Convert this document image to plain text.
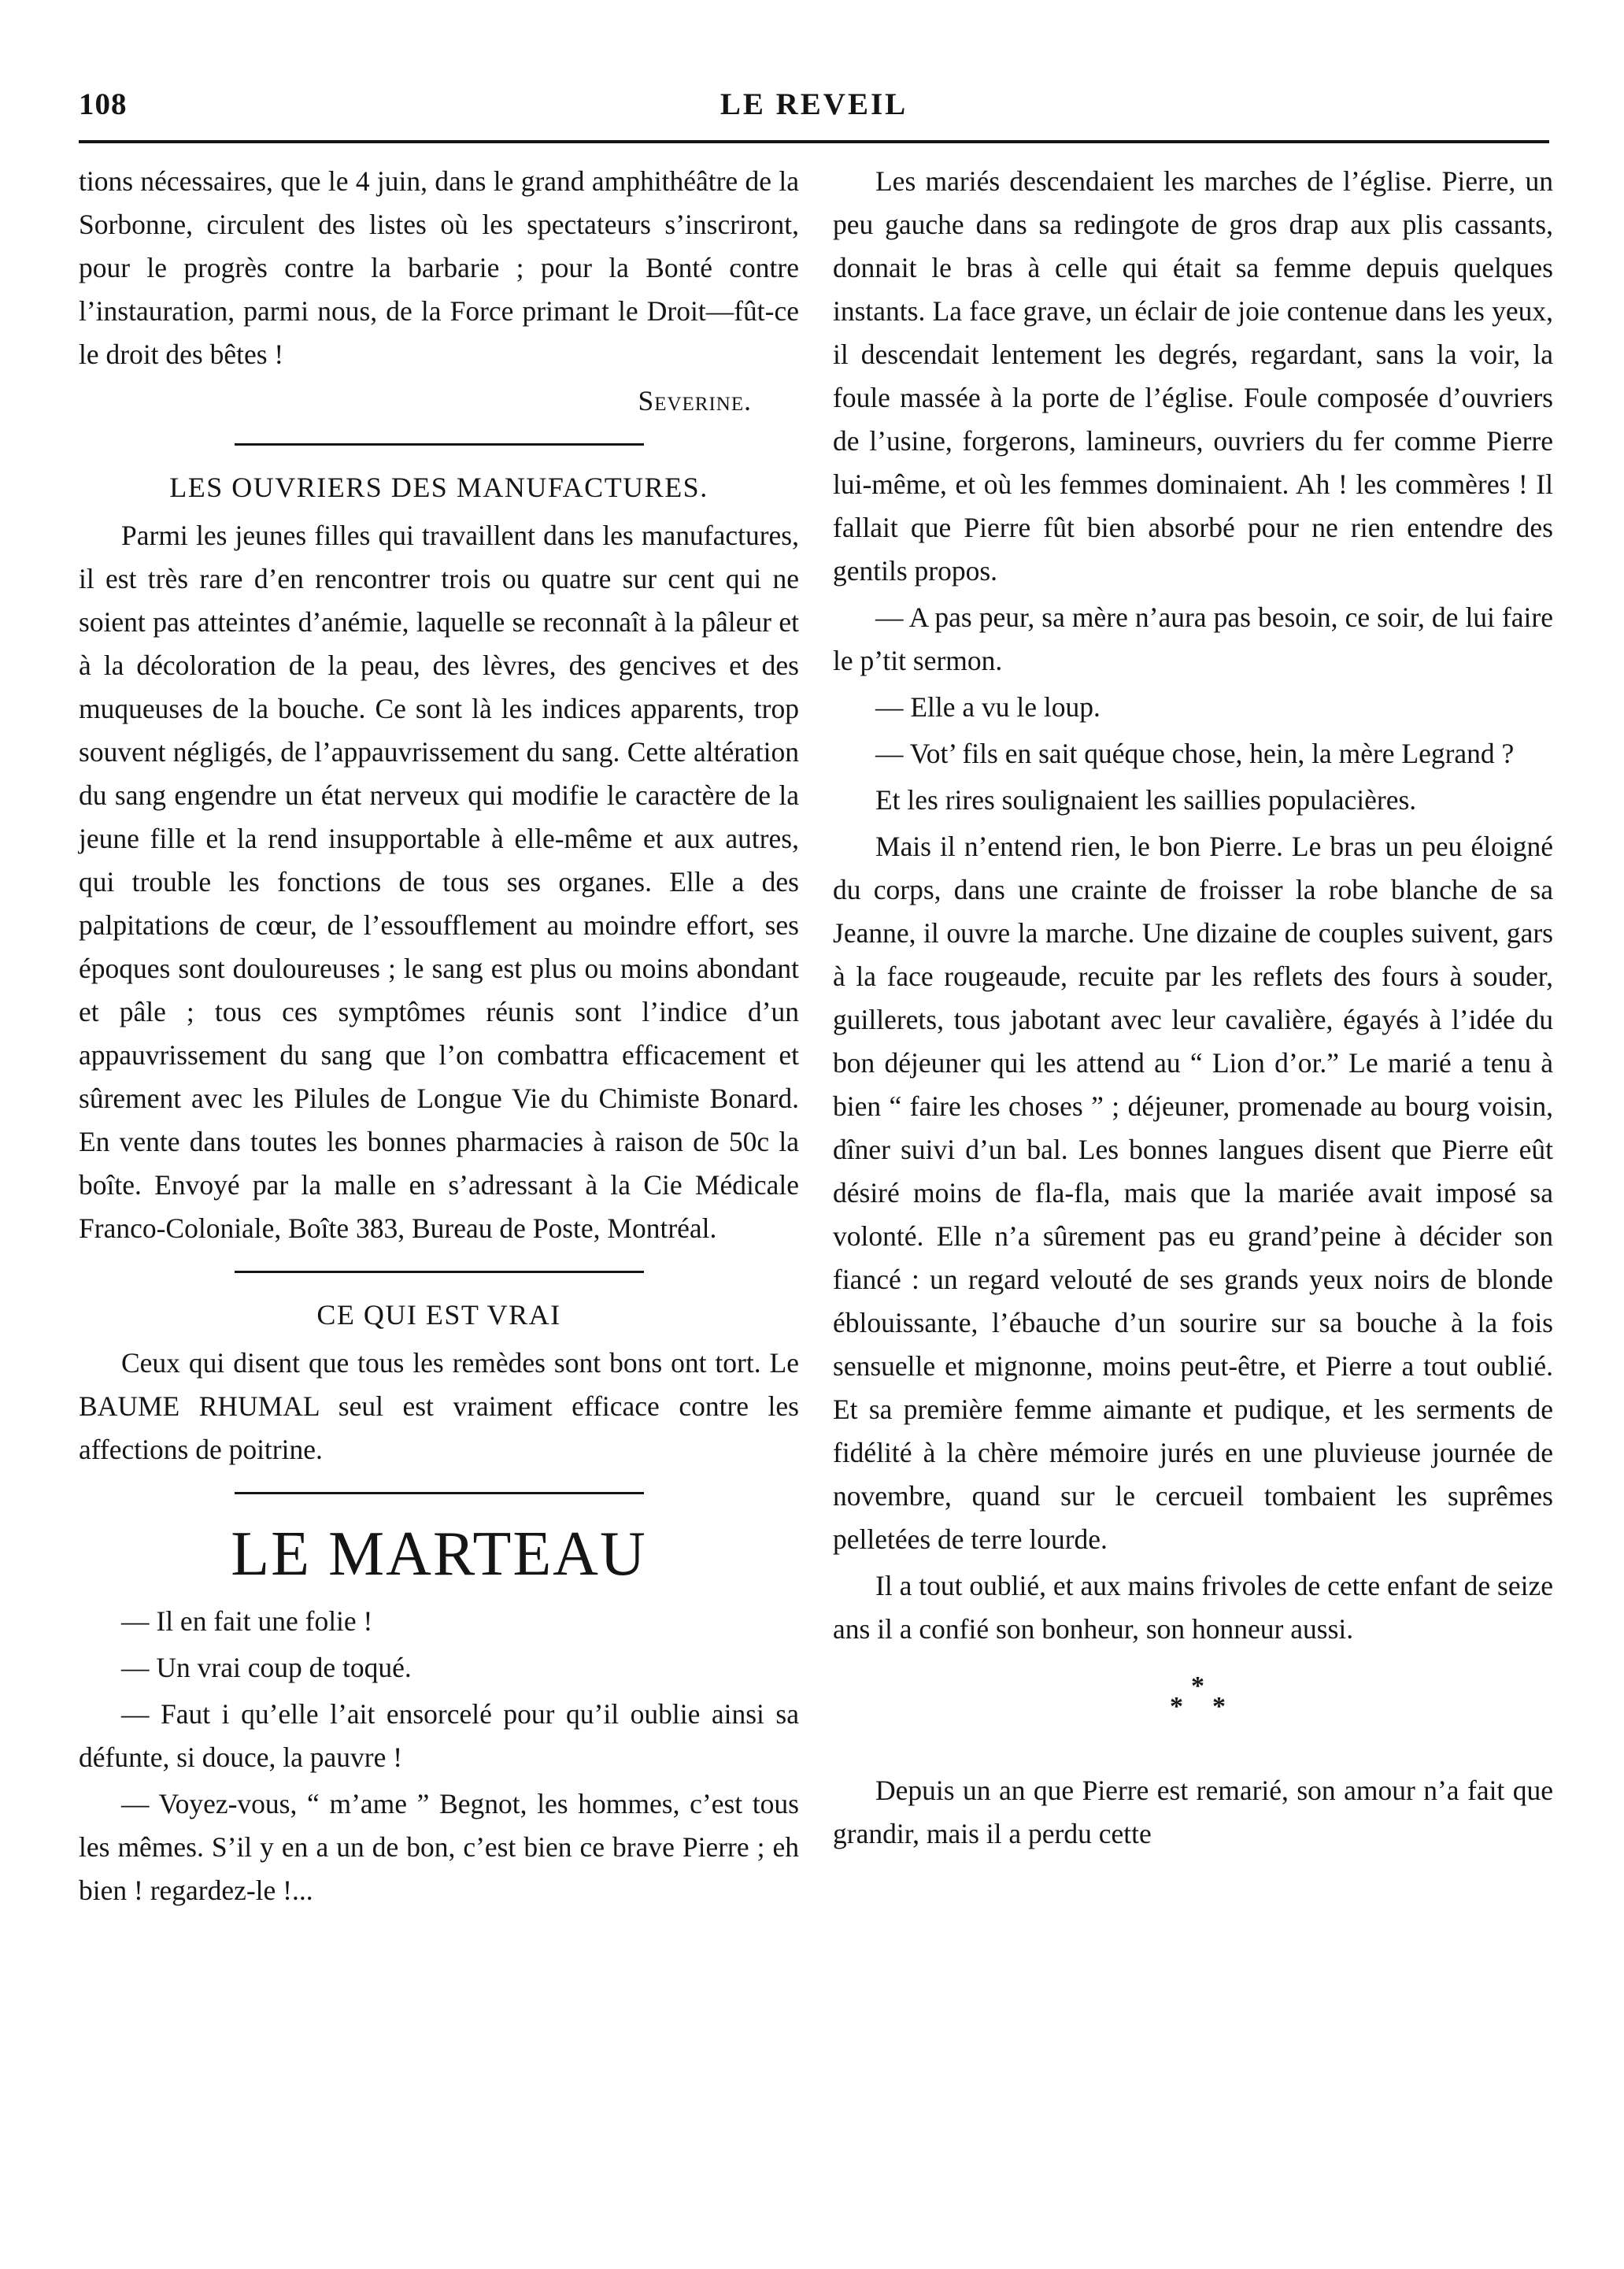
108	LE REVEIL

tions nécessaires, que le 4 juin, dans le grand amphithéâtre de la Sorbonne, circulent des listes où les spectateurs s’inscriront, pour le progrès contre la barbarie ; pour la Bonté contre l’instauration, parmi nous, de la Force primant le Droit—fût-ce le droit des bêtes !

Severine.
LES OUVRIERS DES MANUFACTURES.

Parmi les jeunes filles qui travaillent dans les manufactures, il est très rare d’en rencontrer trois ou quatre sur cent qui ne soient pas atteintes d’anémie, laquelle se reconnaît à la pâleur et à la décoloration de la peau, des lèvres, des gencives et des muqueuses de la bouche. Ce sont là les indices apparents, trop souvent négligés, de l’appauvrissement du sang. Cette altération du sang engendre un état nerveux qui modifie le caractère de la jeune fille et la rend insupportable à elle-même et aux autres, qui trouble les fonctions de tous ses organes. Elle a des palpitations de cœur, de l’essoufflement au moindre effort, ses époques sont douloureuses ; le sang est plus ou moins abondant et pâle ; tous ces symptômes réunis sont l’indice d’un appauvrissement du sang que l’on combattra efficacement et sûrement avec les Pilules de Longue Vie du Chimiste Bonard. En vente dans toutes les bonnes pharmacies à raison de 50c la boîte. Envoyé par la malle en s’adressant à la Cie Médicale Franco-Coloniale, Boîte 383, Bureau de Poste, Montréal.

CE QUI EST VRAI

Ceux qui disent que tous les remèdes sont bons ont tort. Le BAUME RHUMAL seul est vraiment efficace contre les affections de poitrine.

LE MARTEAU

— Il en fait une folie !

— Un vrai coup de toqué.

— Faut i qu’elle l’ait ensorcelé pour qu’il oublie ainsi sa défunte, si douce, la pauvre !

— Voyez-vous, “ m’ame ” Begnot, les hommes, c’est tous les mêmes. S’il y en a un de bon, c’est bien ce brave Pierre ; eh bien ! regardez-le !...

Les mariés descendaient les marches de l’église. Pierre, un peu gauche dans sa redingote de gros drap aux plis cassants, donnait le bras à celle qui était sa femme depuis quelques instants. La face grave, un éclair de joie contenue dans les yeux, il descendait lentement les degrés, regardant, sans la voir, la foule massée à la porte de l’église. Foule composée d’ouvriers de l’usine, forgerons, lamineurs, ouvriers du fer comme Pierre lui-même, et où les femmes dominaient. Ah ! les commères ! Il fallait que Pierre fût bien absorbé pour ne rien entendre des gentils propos.

— A pas peur, sa mère n’aura pas besoin, ce soir, de lui faire le p’tit sermon.

— Elle a vu le loup.

— Vot’ fils en sait quéque chose, hein, la mère Legrand ?

Et les rires soulignaient les saillies populacières.

Mais il n’entend rien, le bon Pierre. Le bras un peu éloigné du corps, dans une crainte de froisser la robe blanche de sa Jeanne, il ouvre la marche. Une dizaine de couples suivent, gars à la face rougeaude, recuite par les reflets des fours à souder, guillerets, tous jabotant avec leur cavalière, égayés à l’idée du bon déjeuner qui les attend au “ Lion d’or.” Le marié a tenu à bien “ faire les choses ” ; déjeuner, promenade au bourg voisin, dîner suivi d’un bal. Les bonnes langues disent que Pierre eût désiré moins de fla-fla, mais que la mariée avait imposé sa volonté. Elle n’a sûrement pas eu grand’peine à décider son fiancé : un regard velouté de ses grands yeux noirs de blonde éblouissante, l’ébauche d’un sourire sur sa bouche à la fois sensuelle et mignonne, moins peut-être, et Pierre a tout oublié. Et sa première femme aimante et pudique, et les serments de fidélité à la chère mémoire jurés en une pluvieuse journée de novembre, quand sur le cercueil tombaient les suprêmes pelletées de terre lourde.

Il a tout oublié, et aux mains frivoles de cette enfant de seize ans il a confié son bonheur, son honneur aussi.

*
* *

Depuis un an que Pierre est remarié, son amour n’a fait que grandir, mais il a perdu cette
